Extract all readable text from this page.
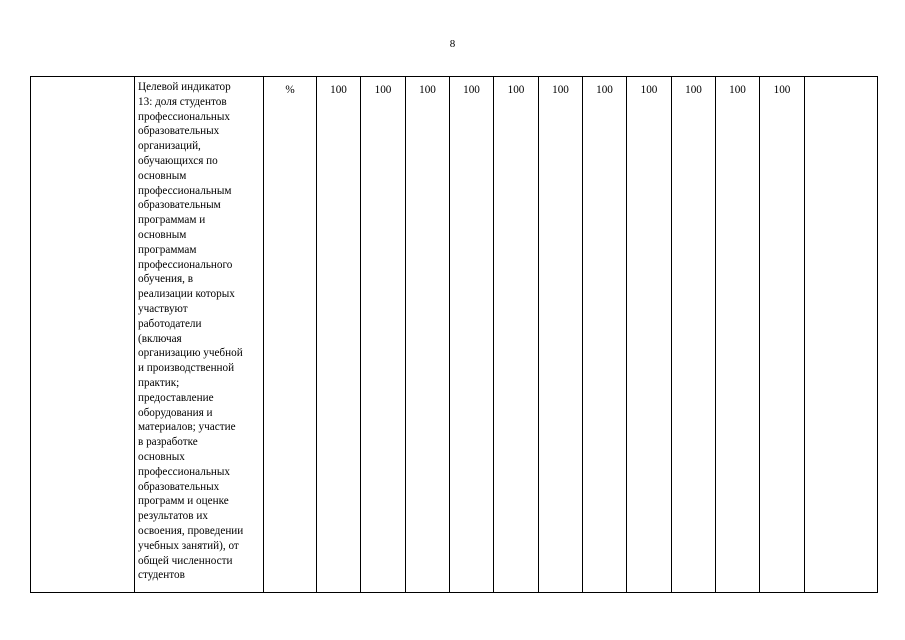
8

Целевой индикатор
13: доля студентов
профессиональных
образовательных
организаций,
обучающихся по
основным
профессиональным
образовательным
программам и
основным
программам
профессионального
обучения, в
реализации которых
участвуют
работодатели
(включая
организацию учебной
и производственной
практик;
предоставление
оборудования и
материалов; участие
в разработке
основных
профессиональных
образовательных
программ и оценке
результатов их
освоения, проведении
учебных занятий), от
общей численности
студентов
	%	100	100	100	100	100	100	100	100	100	100	100	
